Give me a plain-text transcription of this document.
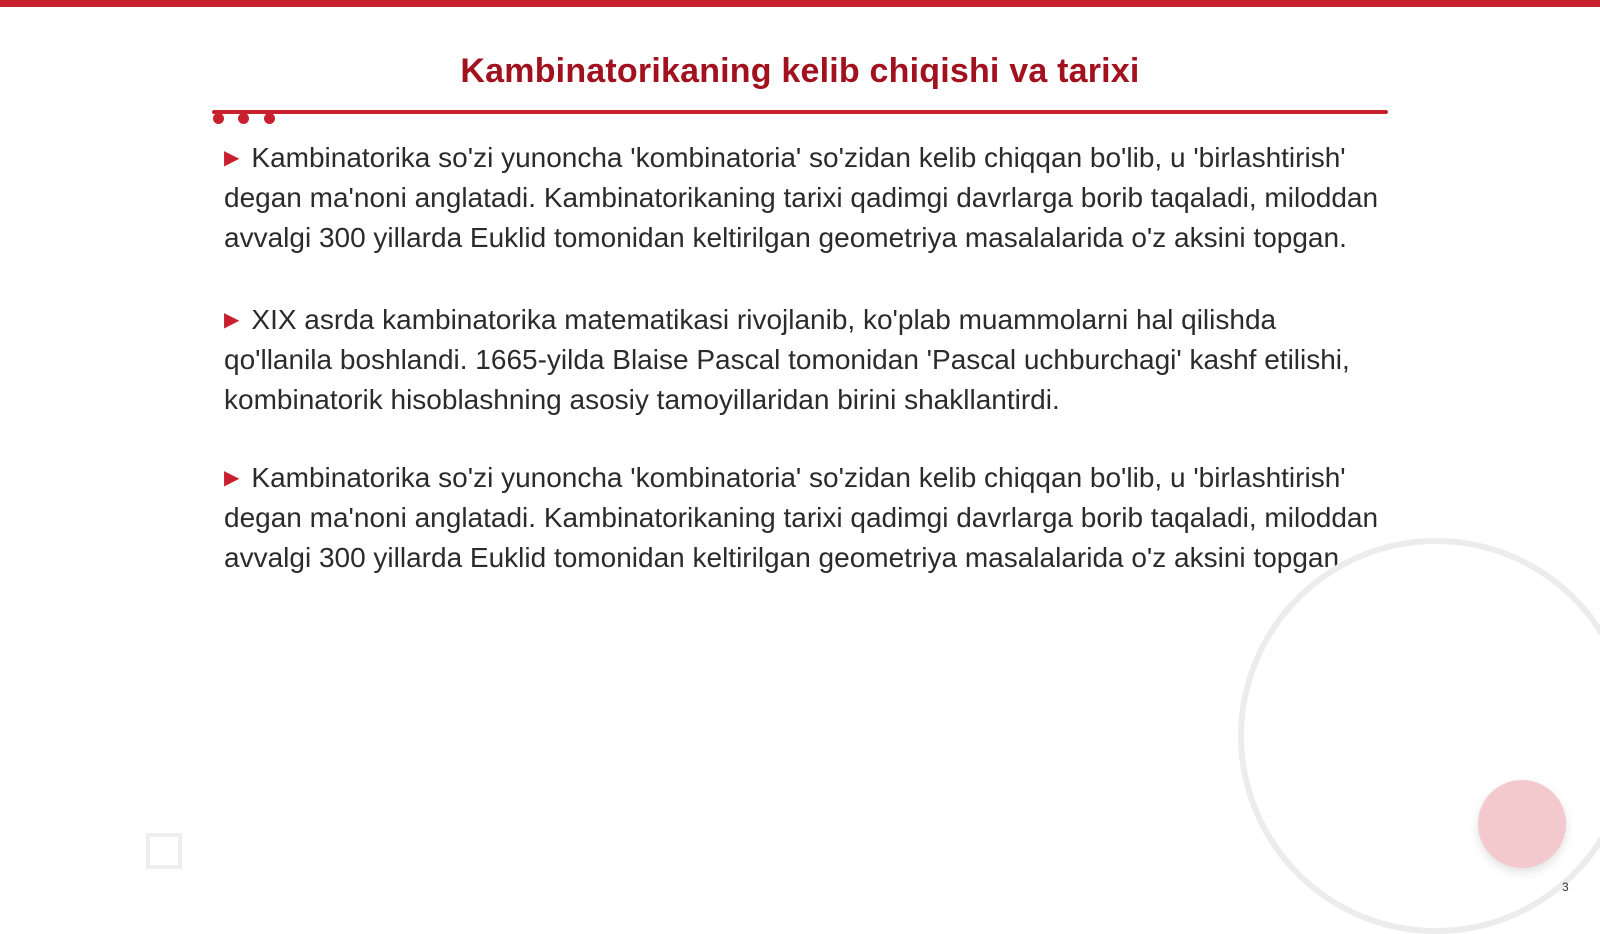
Kambinatorikaning kelib chiqishi va tarixi

▶ Kambinatorika so'zi yunoncha 'kombinatoria' so'zidan kelib chiqqan bo'lib, u 'birlashtirish' degan ma'noni anglatadi. Kambinatorikaning tarixi qadimgi davrlarga borib taqaladi, miloddan avvalgi 300 yillarda Euklid tomonidan keltirilgan geometriya masalalarida o'z aksini topgan.

▶ XIX asrda kambinatorika matematikasi rivojlanib, ko'plab muammolarni hal qilishda qo'llanila boshlandi. 1665-yilda Blaise Pascal tomonidan 'Pascal uchburchagi' kashf etilishi, kombinatorik hisoblashning asosiy tamoyillaridan birini shakllantirdi.

▶ Kambinatorika so'zi yunoncha 'kombinatoria' so'zidan kelib chiqqan bo'lib, u 'birlashtirish' degan ma'noni anglatadi. Kambinatorikaning tarixi qadimgi davrlarga borib taqaladi, miloddan avvalgi 300 yillarda Euklid tomonidan keltirilgan geometriya masalalarida o'z aksini topgan.

3
